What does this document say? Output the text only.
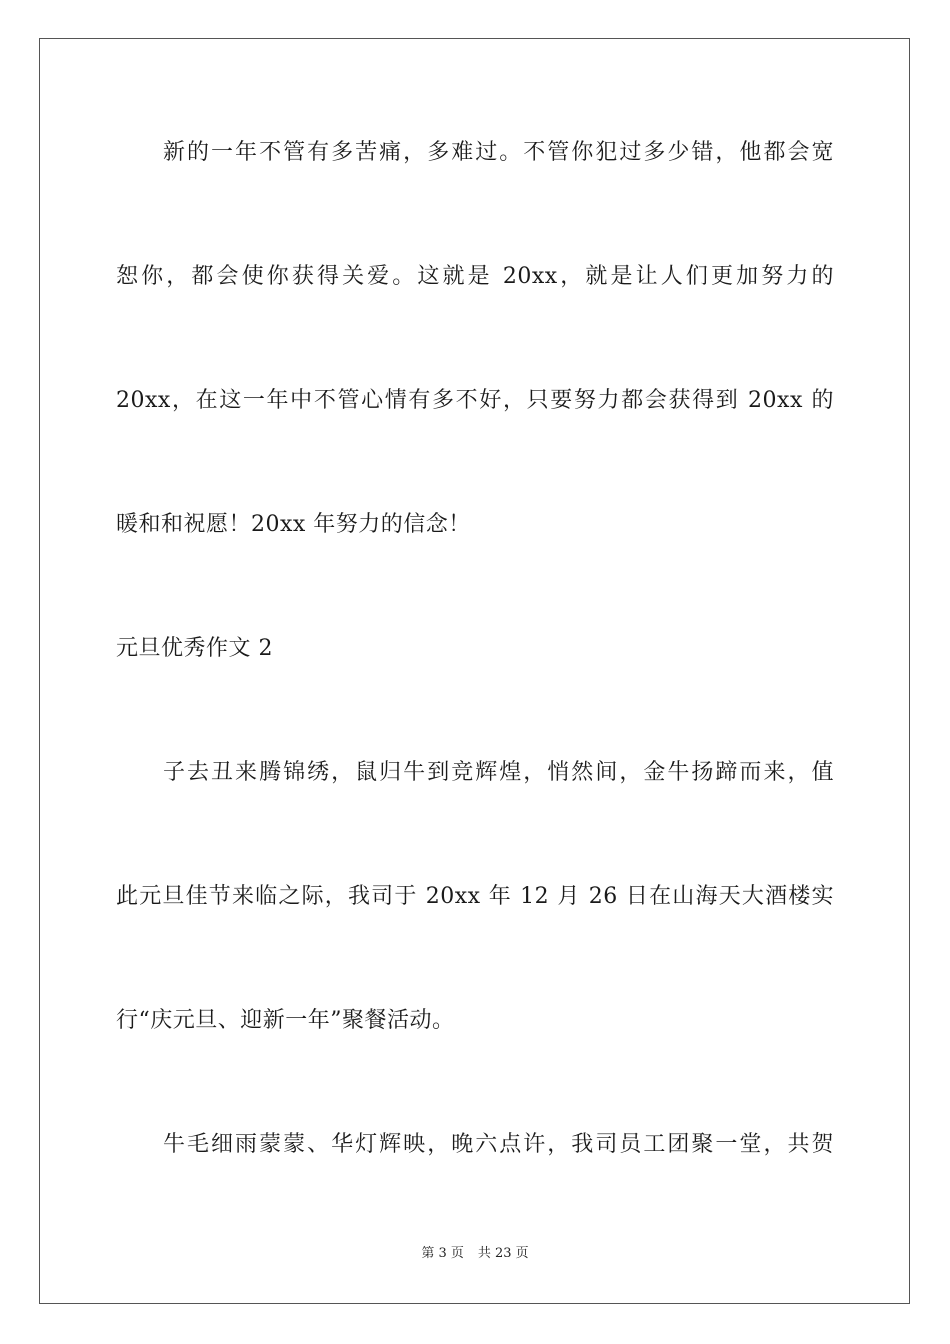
新的一年不管有多苦痛，多难过。不管你犯过多少错，他都会宽
恕你，都会使你获得关爱。这就是 20xx，就是让人们更加努力的
20xx，在这一年中不管心情有多不好，只要努力都会获得到 20xx 的
暖和和祝愿！20xx 年努力的信念！
元旦优秀作文 2
子去丑来腾锦绣，鼠归牛到竞辉煌，悄然间，金牛扬蹄而来，值
此元旦佳节来临之际，我司于 20xx 年 12 月 26 日在山海天大酒楼实
行“庆元旦、迎新一年”聚餐活动。
牛毛细雨蒙蒙、华灯辉映，晚六点许，我司员工团聚一堂，共贺
第 3 页 共 23 页
